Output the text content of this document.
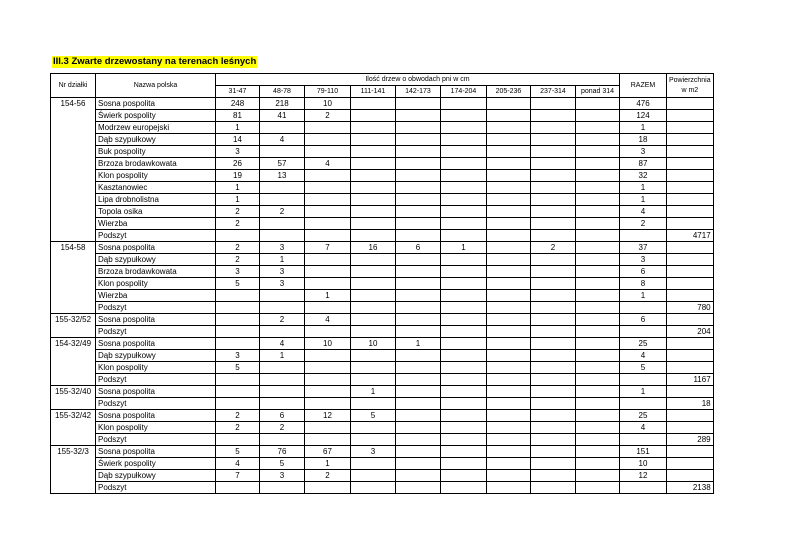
III.3 Zwarte drzewostany na terenach leśnych
Nr działki	Nazwa polska	Ilość drzew o obwodach pni w cm									RAZEM	Powierzchnia w m2
		31-47	48-78	79-110	111-141	142-173	174-204	205-236	237-314	ponad 314		
154-56	Sosna pospolita	248	218	10							476	
	Świerk pospolity	81	41	2							124	
	Modrzew europejski	1									1	
	Dąb szypułkowy	14	4								18	
	Buk pospolity	3									3	
	Brzoza brodawkowata	26	57	4							87	
	Klon pospolity	19	13								32	
	Kasztanowiec	1									1	
	Lipa drobnolistna	1									1	
	Topola osika	2	2								4	
	Wierzba	2									2	
	Podszyt											4717
154-58	Sosna pospolita	2	3	7	16	6	1		2		37	
	Dąb szypułkowy	2	1								3	
	Brzoza brodawkowata	3	3								6	
	Klon pospolity	5	3								8	
	Wierzba			1							1	
	Podszyt											780
155-32/52	Sosna pospolita		2	4							6	
	Podszyt											204
154-32/49	Sosna pospolita		4	10	10	1					25	
	Dąb szypułkowy	3	1								4	
	Klon pospolity	5									5	
	Podszyt											1167
155-32/40	Sosna pospolita				1						1	
	Podszyt											18
155-32/42	Sosna pospolita	2	6	12	5						25	
	Klon pospolity	2	2								4	
	Podszyt											289
155-32/3	Sosna pospolita	5	76	67	3						151	
	Świerk pospolity	4	5	1							10	
	Dąb szypułkowy	7	3	2							12	
	Podszyt											2138
